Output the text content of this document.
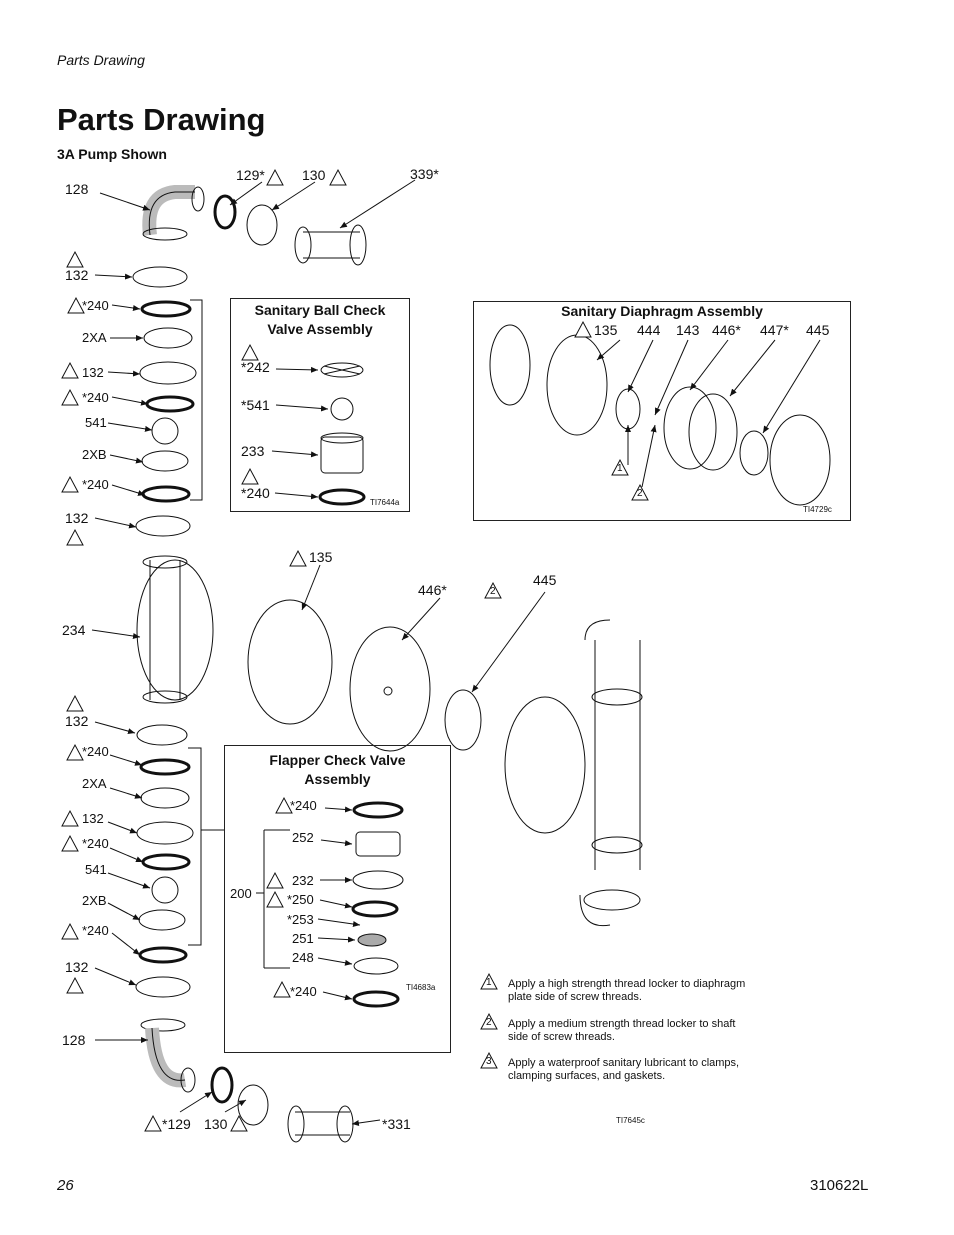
Parts Drawing
Parts Drawing
3A Pump Shown
1
2
3
1
2
2
128
129*	130	339*
132
*240
2XA
132
*240
541
2XB
*240
132
135
446*
445
234
132
*240
2XA
132
*240
541
2XB
*240
132
128
*129 130	*331
Sanitary Ball Check
Valve Assembly
*242
*541
233
*240
TI7644a
Sanitary Diaphragm Assembly
135 444 143 446* 447* 445
TI4729c
Flapper Check Valve
Assembly
*240
252
232
*250
*253
251
248
*240
200
TI4683a	Apply a high strength thread locker to diaphragm plate side of screw threads.
Apply a medium strength thread locker to shaft side of screw threads.
Apply a waterproof sanitary lubricant to clamps, clamping surfaces, and gaskets.
TI7645c
26	310622L
